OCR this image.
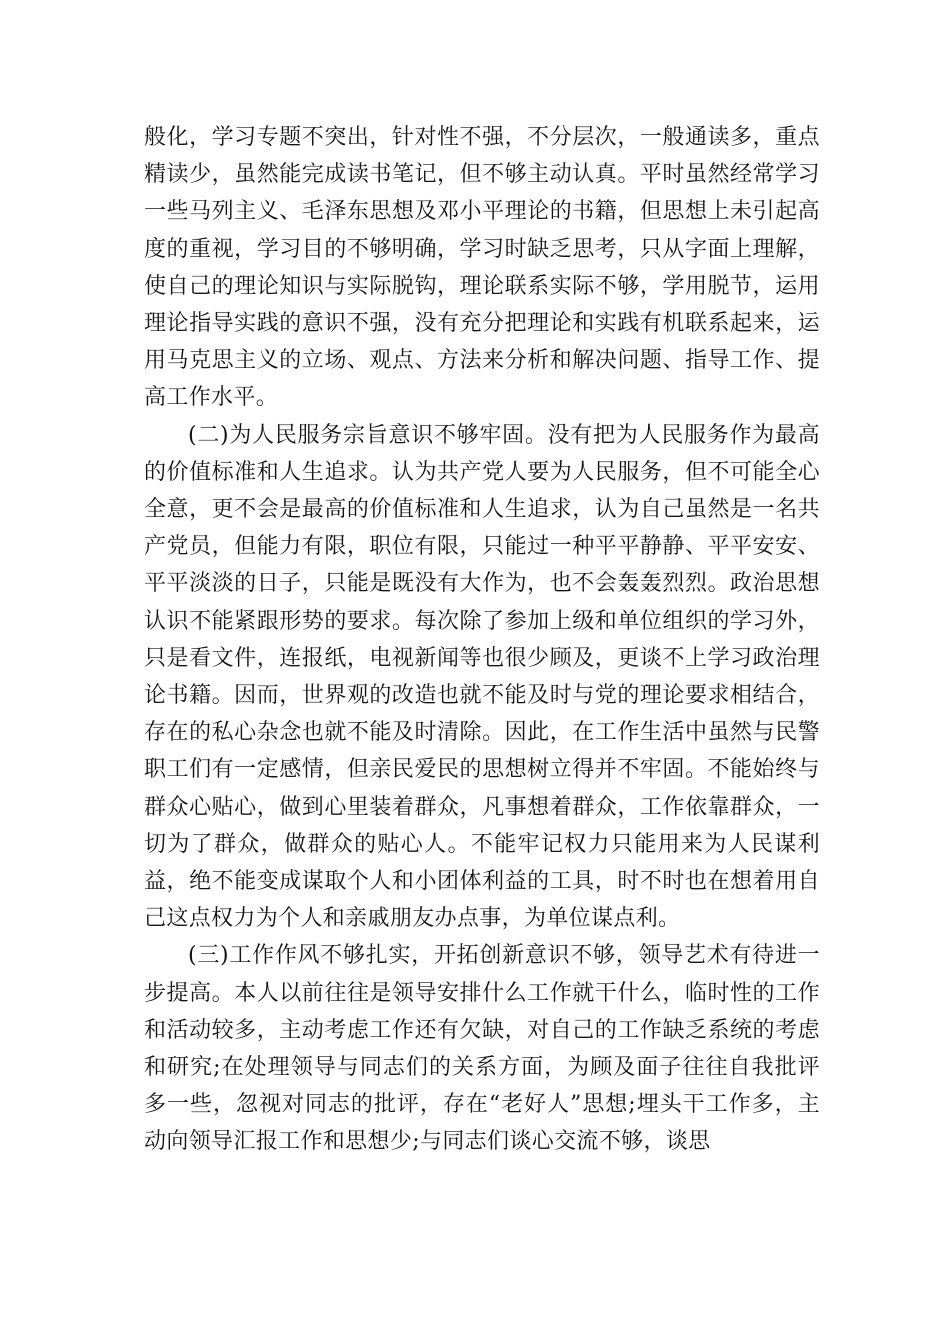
般化，学习专题不突出，针对性不强，不分层次，一般通读多，重点精读少，虽然能完成读书笔记，但不够主动认真。平时虽然经常学习一些马列主义、毛泽东思想及邓小平理论的书籍，但思想上未引起高度的重视，学习目的不够明确，学习时缺乏思考，只从字面上理解，使自己的理论知识与实际脱钩，理论联系实际不够，学用脱节，运用理论指导实践的意识不强，没有充分把理论和实践有机联系起来，运用马克思主义的立场、观点、方法来分析和解决问题、指导工作、提高工作水平。

(二)为人民服务宗旨意识不够牢固。没有把为人民服务作为最高的价值标准和人生追求。认为共产党人要为人民服务，但不可能全心全意，更不会是最高的价值标准和人生追求，认为自己虽然是一名共产党员，但能力有限，职位有限，只能过一种平平静静、平平安安、平平淡淡的日子，只能是既没有大作为，也不会轰轰烈烈。政治思想认识不能紧跟形势的要求。每次除了参加上级和单位组织的学习外，只是看文件，连报纸，电视新闻等也很少顾及，更谈不上学习政治理论书籍。因而，世界观的改造也就不能及时与党的理论要求相结合，存在的私心杂念也就不能及时清除。因此，在工作生活中虽然与民警职工们有一定感情，但亲民爱民的思想树立得并不牢固。不能始终与群众心贴心，做到心里装着群众，凡事想着群众，工作依靠群众，一切为了群众，做群众的贴心人。不能牢记权力只能用来为人民谋利益，绝不能变成谋取个人和小团体利益的工具，时不时也在想着用自己这点权力为个人和亲戚朋友办点事，为单位谋点利。

(三)工作作风不够扎实，开拓创新意识不够，领导艺术有待进一步提高。本人以前往往是领导安排什么工作就干什么，临时性的工作和活动较多，主动考虑工作还有欠缺，对自己的工作缺乏系统的考虑和研究;在处理领导与同志们的关系方面，为顾及面子往往自我批评多一些，忽视对同志的批评，存在“老好人”思想;埋头干工作多，主动向领导汇报工作和思想少;与同志们谈心交流不够，谈思
